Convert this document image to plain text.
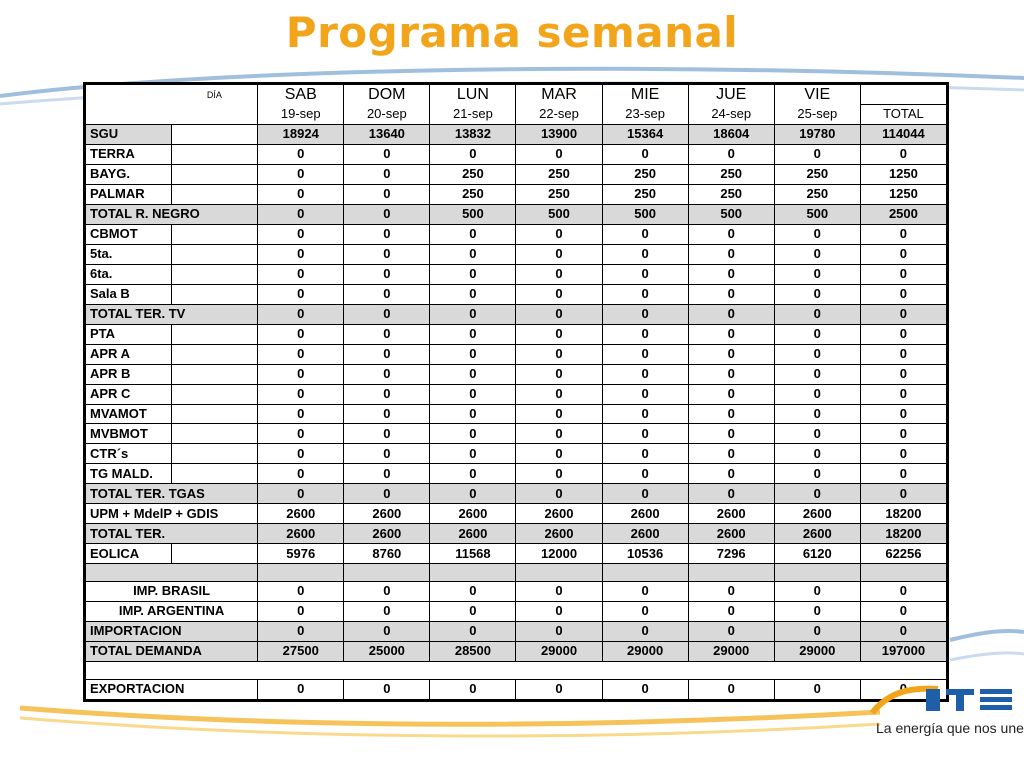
Programa semanal
	DÍA	SAB	DOM	LUN	MAR	MIE	JUE	VIE	
		19-sep	20-sep	21-sep	22-sep	23-sep	24-sep	25-sep	TOTAL
SGU		18924	13640	13832	13900	15364	18604	19780	114044
TERRA		0	0	0	0	0	0	0	0
BAYG.		0	0	250	250	250	250	250	1250
PALMAR		0	0	250	250	250	250	250	1250
TOTAL R. NEGRO		0	0	500	500	500	500	500	2500
CBMOT		0	0	0	0	0	0	0	0
5ta.		0	0	0	0	0	0	0	0
6ta.		0	0	0	0	0	0	0	0
Sala B		0	0	0	0	0	0	0	0
TOTAL TER. TV		0	0	0	0	0	0	0	0
PTA		0	0	0	0	0	0	0	0
APR A		0	0	0	0	0	0	0	0
APR B		0	0	0	0	0	0	0	0
APR C		0	0	0	0	0	0	0	0
MVAMOT		0	0	0	0	0	0	0	0
MVBMOT		0	0	0	0	0	0	0	0
CTR´s		0	0	0	0	0	0	0	0
TG MALD.		0	0	0	0	0	0	0	0
TOTAL TER. TGAS		0	0	0	0	0	0	0	0
UPM + MdelP + GDIS		2600	2600	2600	2600	2600	2600	2600	18200
TOTAL TER.		2600	2600	2600	2600	2600	2600	2600	18200
EOLICA		5976	8760	11568	12000	10536	7296	6120	62256

IMP. BRASIL		0	0	0	0	0	0	0	0
IMP. ARGENTINA		0	0	0	0	0	0	0	0
IMPORTACION		0	0	0	0	0	0	0	0
TOTAL DEMANDA		27500	25000	28500	29000	29000	29000	29000	197000

EXPORTACION		0	0	0	0	0	0	0	0
La energía que nos une
